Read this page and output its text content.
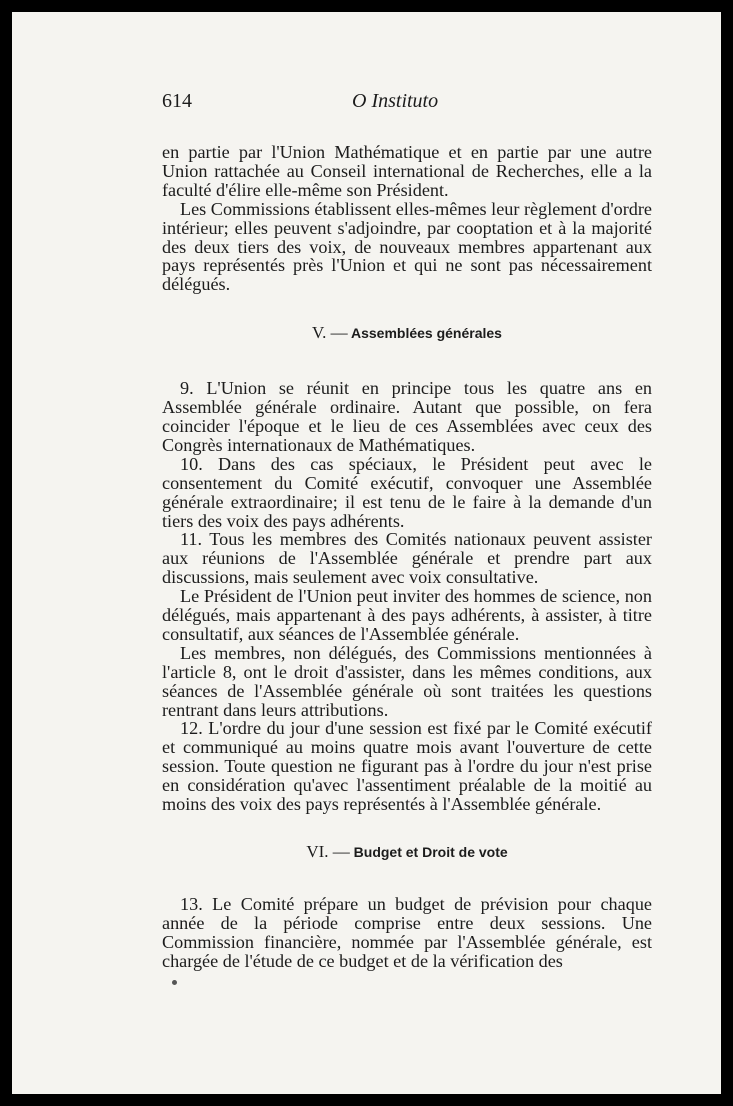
614	O Instituto

en partie par l'Union Mathématique et en partie par une autre Union rattachée au Conseil international de Recherches, elle a la faculté d'élire elle-même son Président.

Les Commissions établissent elles-mêmes leur règlement d'ordre intérieur; elles peuvent s'adjoindre, par cooptation et à la majorité des deux tiers des voix, de nouveaux membres appartenant aux pays représentés près l'Union et qui ne sont pas nécessairement délégués.

V. — Assemblées générales

9. L'Union se réunit en principe tous les quatre ans en Assemblée générale ordinaire. Autant que possible, on fera coincider l'époque et le lieu de ces Assemblées avec ceux des Congrès internationaux de Mathématiques.

10. Dans des cas spéciaux, le Président peut avec le consentement du Comité exécutif, convoquer une Assemblée générale extraordinaire; il est tenu de le faire à la demande d'un tiers des voix des pays adhérents.

11. Tous les membres des Comités nationaux peuvent assister aux réunions de l'Assemblée générale et prendre part aux discussions, mais seulement avec voix consultative.

Le Président de l'Union peut inviter des hommes de science, non délégués, mais appartenant à des pays adhérents, à assister, à titre consultatif, aux séances de l'Assemblée générale.

Les membres, non délégués, des Commissions mentionnées à l'article 8, ont le droit d'assister, dans les mêmes conditions, aux séances de l'Assemblée générale où sont traitées les questions rentrant dans leurs attributions.

12. L'ordre du jour d'une session est fixé par le Comité exécutif et communiqué au moins quatre mois avant l'ouverture de cette session. Toute question ne figurant pas à l'ordre du jour n'est prise en considération qu'avec l'assentiment préalable de la moitié au moins des voix des pays représentés à l'Assemblée générale.

VI. — Budget et Droit de vote

13. Le Comité prépare un budget de prévision pour chaque année de la période comprise entre deux sessions. Une Commission financière, nommée par l'Assemblée générale, est chargée de l'étude de ce budget et de la vérification des
